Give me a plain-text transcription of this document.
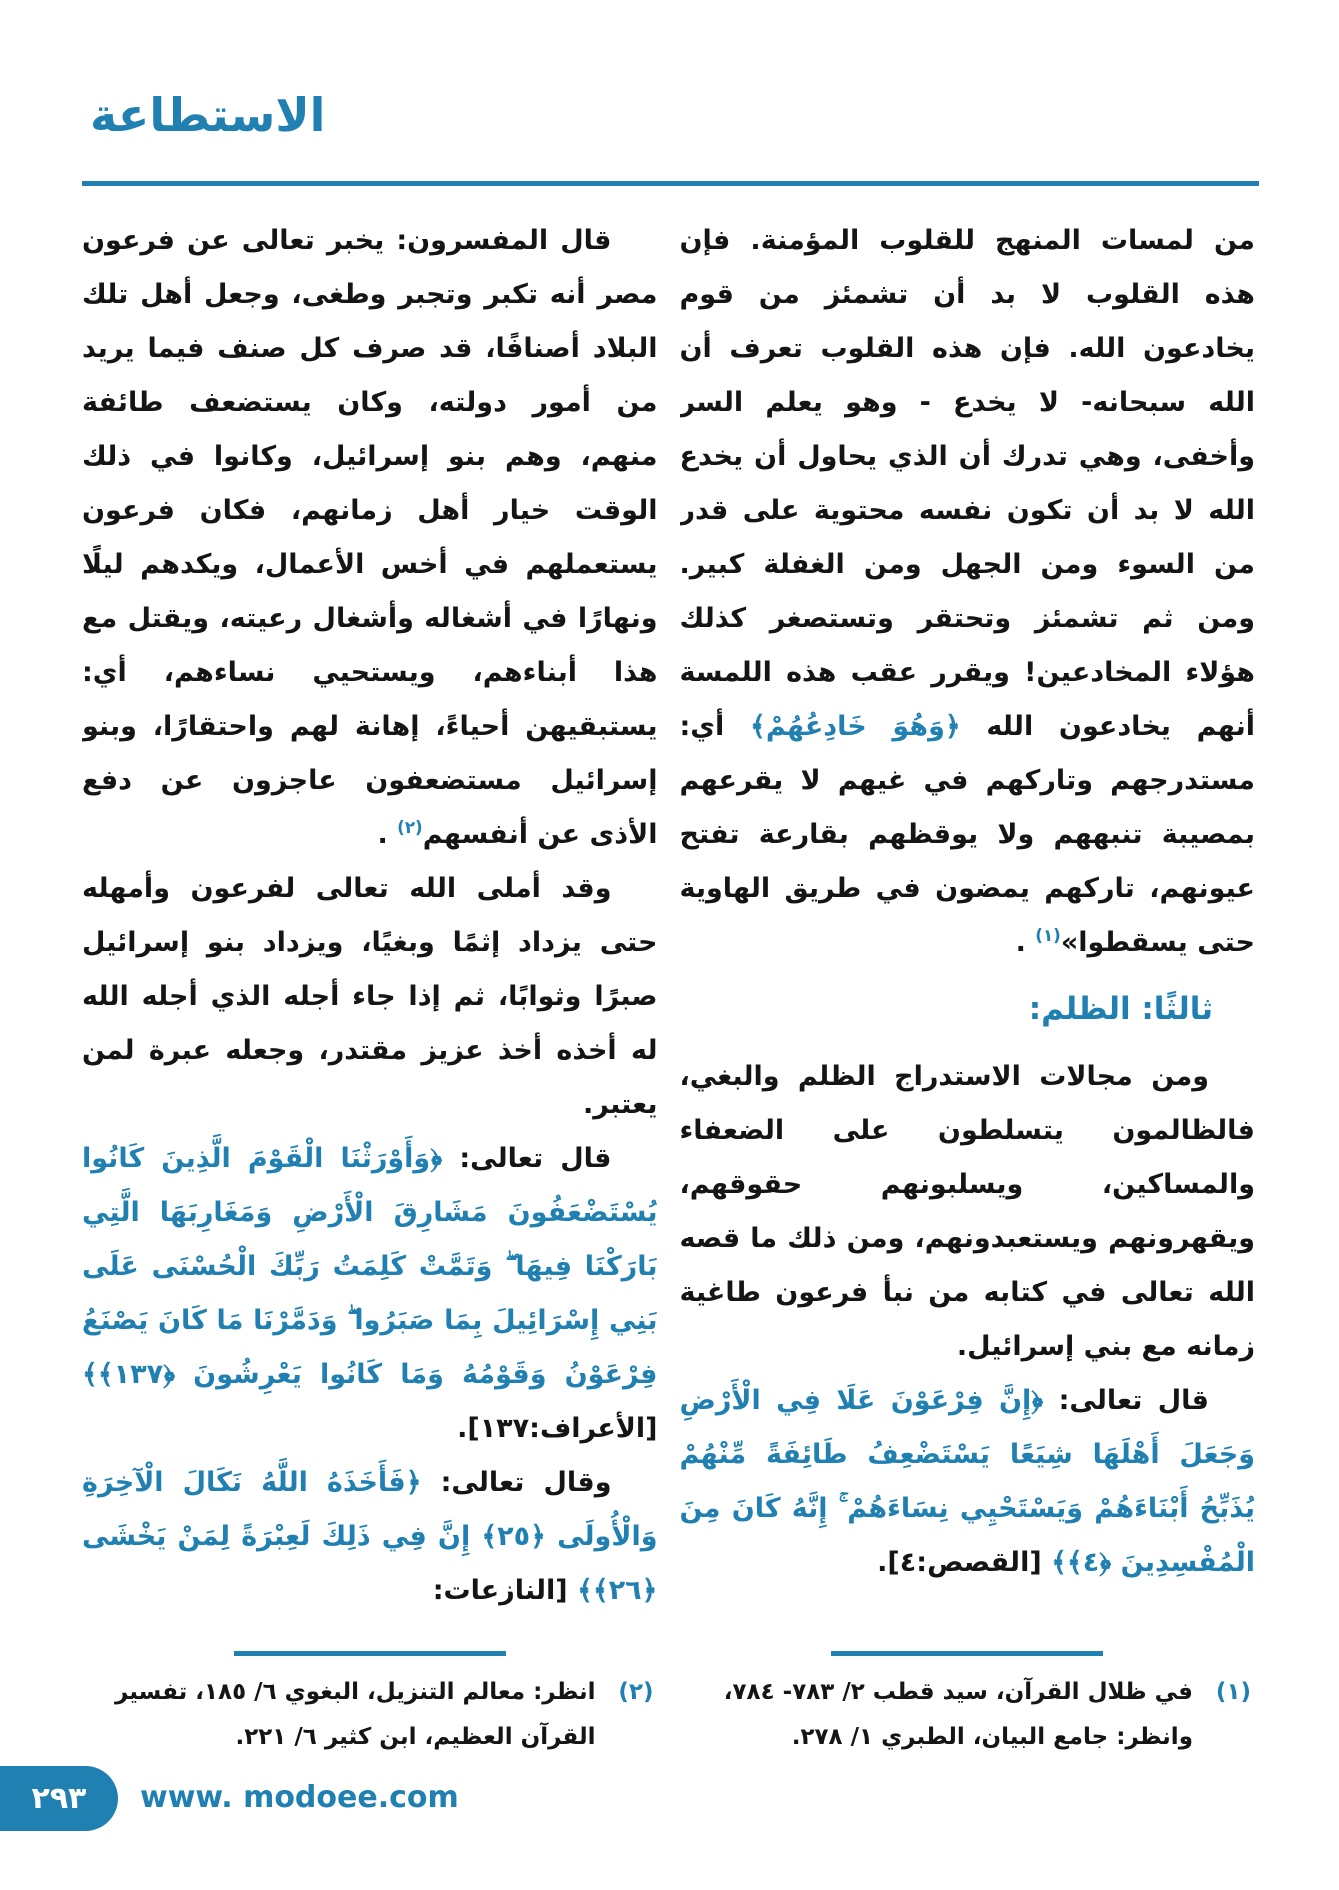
الاستطاعة

من لمسات المنهج للقلوب المؤمنة. فإن هذه القلوب لا بد أن تشمئز من قوم يخادعون الله. فإن هذه القلوب تعرف أن الله سبحانه- لا يخدع - وهو يعلم السر وأخفى، وهي تدرك أن الذي يحاول أن يخدع الله لا بد أن تكون نفسه محتوية على قدر من السوء ومن الجهل ومن الغفلة كبير. ومن ثم تشمئز وتحتقر وتستصغر كذلك هؤلاء المخادعين! ويقرر عقب هذه اللمسة أنهم يخادعون الله ﴿وَهُوَ خَادِعُهُمْ﴾ أي: مستدرجهم وتاركهم في غيهم لا يقرعهم بمصيبة تنبههم ولا يوقظهم بقارعة تفتح عيونهم، تاركهم يمضون في طريق الهاوية حتى يسقطوا»$^{(١)}$ .

ثالثًا: الظلم:

ومن مجالات الاستدراج الظلم والبغي، فالظالمون يتسلطون على الضعفاء والمساكين، ويسلبونهم حقوقهم، ويقهرونهم ويستعبدونهم، ومن ذلك ما قصه الله تعالى في كتابه من نبأ فرعون طاغية زمانه مع بني إسرائيل.

قال تعالى: ﴿إِنَّ فِرْعَوْنَ عَلَا فِي الْأَرْضِ وَجَعَلَ أَهْلَهَا شِيَعًا يَسْتَضْعِفُ طَائِفَةً مِّنْهُمْ يُذَبِّحُ أَبْنَاءَهُمْ وَيَسْتَحْيِي نِسَاءَهُمْ ۚ إِنَّهُ كَانَ مِنَ الْمُفْسِدِينَ ﴿٤﴾﴾ [القصص:٤].

(١)
في ظلال القرآن، سيد قطب ٢/ ٧٨٣- ٧٨٤، وانظر: جامع البيان، الطبري ١/ ٢٧٨.

قال المفسرون: يخبر تعالى عن فرعون مصر أنه تكبر وتجبر وطغى، وجعل أهل تلك البلاد أصنافًا، قد صرف كل صنف فيما يريد من أمور دولته، وكان يستضعف طائفة منهم، وهم بنو إسرائيل، وكانوا في ذلك الوقت خيار أهل زمانهم، فكان فرعون يستعملهم في أخس الأعمال، ويكدهم ليلًا ونهارًا في أشغاله وأشغال رعيته، ويقتل مع هذا أبناءهم، ويستحيي نساءهم، أي: يستبقيهن أحياءً، إهانة لهم واحتقارًا، وبنو إسرائيل مستضعفون عاجزون عن دفع الأذى عن أنفسهم$^{(٢)}$ .

وقد أملى الله تعالى لفرعون وأمهله حتى يزداد إثمًا وبغيًا، ويزداد بنو إسرائيل صبرًا وثوابًا، ثم إذا جاء أجله الذي أجله الله له أخذه أخذ عزيز مقتدر، وجعله عبرة لمن يعتبر.

قال تعالى: ﴿وَأَوْرَثْنَا الْقَوْمَ الَّذِينَ كَانُوا يُسْتَضْعَفُونَ مَشَارِقَ الْأَرْضِ وَمَغَارِبَهَا الَّتِي بَارَكْنَا فِيهَا ۖ وَتَمَّتْ كَلِمَتُ رَبِّكَ الْحُسْنَى عَلَى بَنِي إِسْرَائِيلَ بِمَا صَبَرُوا ۖ وَدَمَّرْنَا مَا كَانَ يَصْنَعُ فِرْعَوْنُ وَقَوْمُهُ وَمَا كَانُوا يَعْرِشُونَ ﴿١٣٧﴾﴾ [الأعراف:١٣٧].

وقال تعالى: ﴿فَأَخَذَهُ اللَّهُ نَكَالَ الْآخِرَةِ وَالْأُولَى ﴿٢٥﴾ إِنَّ فِي ذَلِكَ لَعِبْرَةً لِمَنْ يَخْشَى ﴿٢٦﴾﴾ [النازعات:

(٢)
انظر: معالم التنزيل، البغوي ٦/ ١٨٥، تفسير القرآن العظيم، ابن كثير ٦/ ٢٢١.
٢٩٣ www. modoee.com
